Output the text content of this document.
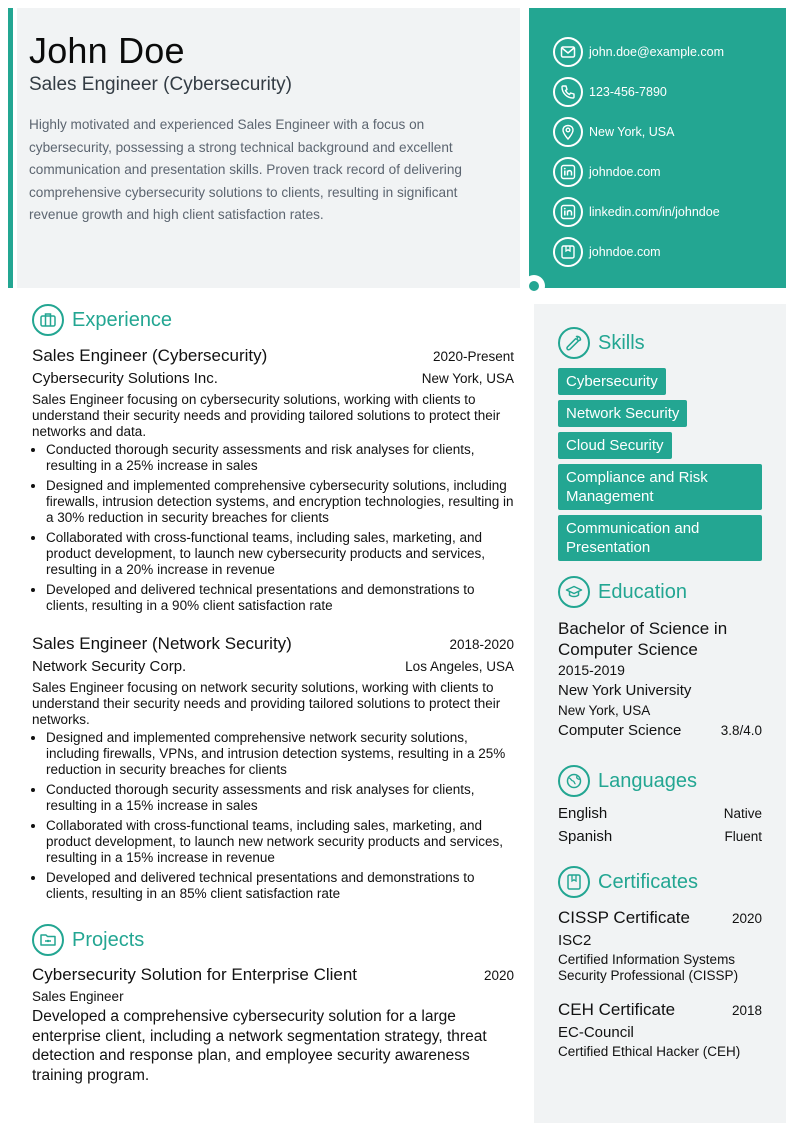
John Doe
Sales Engineer (Cybersecurity)
Highly motivated and experienced Sales Engineer with a focus on cybersecurity, possessing a strong technical background and excellent communication and presentation skills. Proven track record of delivering comprehensive cybersecurity solutions to clients, resulting in significant revenue growth and high client satisfaction rates.
john.doe@example.com
123-456-7890
New York, USA
johndoe.com
linkedin.com/in/johndoe
johndoe.com
Experience
Sales Engineer (Cybersecurity)	2020-Present
Cybersecurity Solutions Inc.	New York, USA
Sales Engineer focusing on cybersecurity solutions, working with clients to understand their security needs and providing tailored solutions to protect their networks and data.
• Conducted thorough security assessments and risk analyses for clients, resulting in a 25% increase in sales
• Designed and implemented comprehensive cybersecurity solutions, including firewalls, intrusion detection systems, and encryption technologies, resulting in a 30% reduction in security breaches for clients
• Collaborated with cross-functional teams, including sales, marketing, and product development, to launch new cybersecurity products and services, resulting in a 20% increase in revenue
• Developed and delivered technical presentations and demonstrations to clients, resulting in a 90% client satisfaction rate
Sales Engineer (Network Security)	2018-2020
Network Security Corp.	Los Angeles, USA
Sales Engineer focusing on network security solutions, working with clients to understand their security needs and providing tailored solutions to protect their networks.
• Designed and implemented comprehensive network security solutions, including firewalls, VPNs, and intrusion detection systems, resulting in a 25% reduction in security breaches for clients
• Conducted thorough security assessments and risk analyses for clients, resulting in a 15% increase in sales
• Collaborated with cross-functional teams, including sales, marketing, and product development, to launch new network security products and services, resulting in a 15% increase in revenue
• Developed and delivered technical presentations and demonstrations to clients, resulting in an 85% client satisfaction rate
Projects
Cybersecurity Solution for Enterprise Client	2020
Sales Engineer
Developed a comprehensive cybersecurity solution for a large enterprise client, including a network segmentation strategy, threat detection and response plan, and employee security awareness training program.
Skills
Cybersecurity
Network Security
Cloud Security
Compliance and Risk Management
Communication and Presentation
Education
Bachelor of Science in Computer Science
2015-2019
New York University
New York, USA
Computer Science	3.8/4.0
Languages
English	Native
Spanish	Fluent
Certificates
CISSP Certificate	2020
ISC2
Certified Information Systems Security Professional (CISSP)
CEH Certificate	2018
EC-Council
Certified Ethical Hacker (CEH)
